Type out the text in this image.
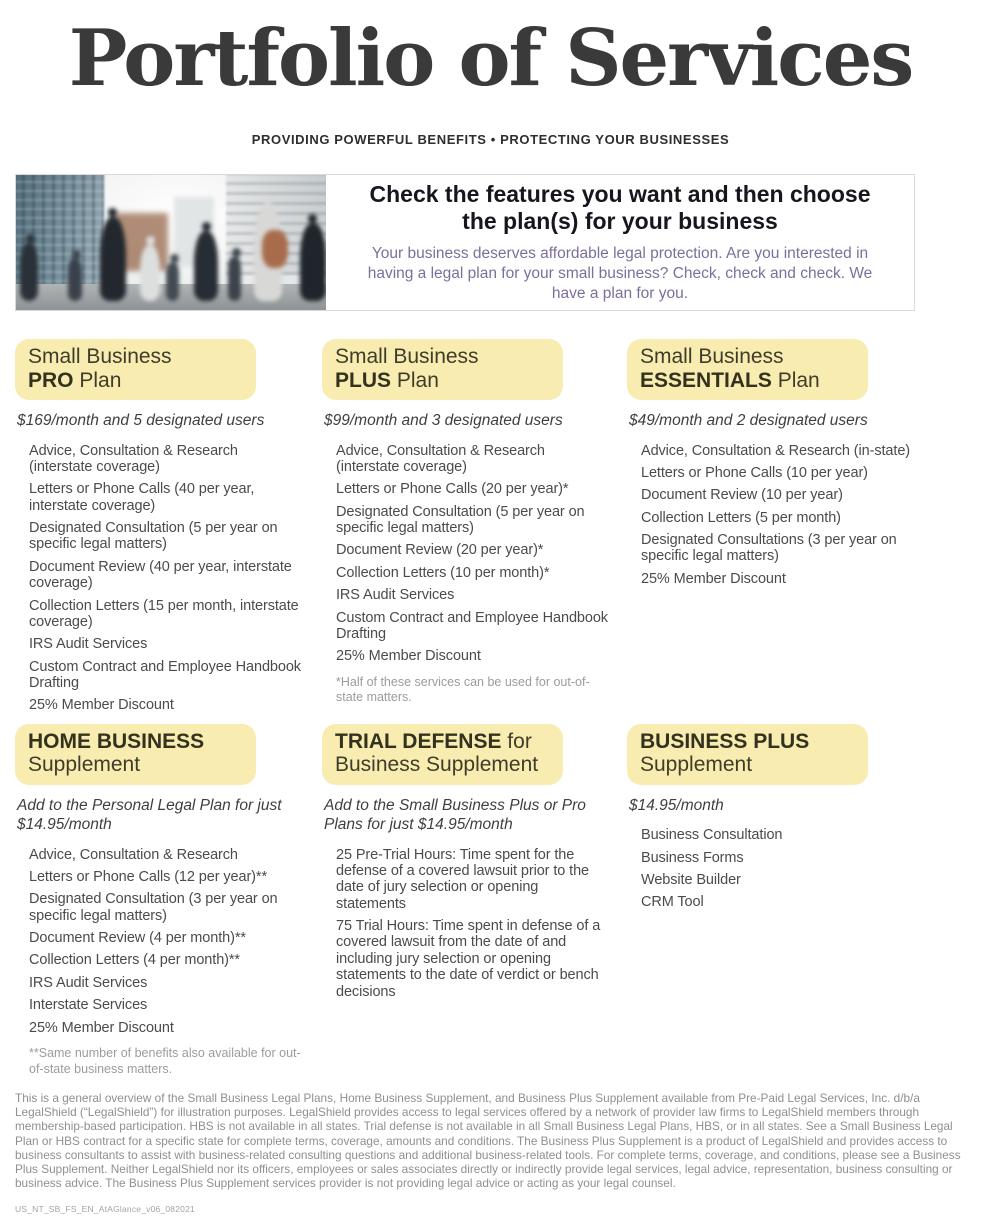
Portfolio of Services
PROVIDING POWERFUL BENEFITS • PROTECTING YOUR BUSINESSES
Check the features you want and then choose the plan(s) for your business
Your business deserves affordable legal protection. Are you interested in having a legal plan for your small business? Check, check and check. We have a plan for you.
Small Business
PRO Plan
$169/month and 5 designated users
Advice, Consultation & Research (interstate coverage)
Letters or Phone Calls (40 per year, interstate coverage)
Designated Consultation (5 per year on specific legal matters)
Document Review (40 per year, interstate coverage)
Collection Letters (15 per month, interstate coverage)
IRS Audit Services
Custom Contract and Employee Handbook Drafting
25% Member Discount
Small Business
PLUS Plan
$99/month and 3 designated users
Advice, Consultation & Research (interstate coverage)
Letters or Phone Calls (20 per year)*
Designated Consultation (5 per year on specific legal matters)
Document Review (20 per year)*
Collection Letters (10 per month)*
IRS Audit Services
Custom Contract and Employee Handbook Drafting
25% Member Discount
*Half of these services can be used for out-of-state matters.
Small Business
ESSENTIALS Plan
$49/month and 2 designated users
Advice, Consultation & Research (in-state)
Letters or Phone Calls (10 per year)
Document Review (10 per year)
Collection Letters (5 per month)
Designated Consultations (3 per year on specific legal matters)
25% Member Discount
HOME BUSINESS
Supplement
Add to the Personal Legal Plan for just $14.95/month
Advice, Consultation & Research
Letters or Phone Calls (12 per year)**
Designated Consultation (3 per year on specific legal matters)
Document Review (4 per month)**
Collection Letters (4 per month)**
IRS Audit Services
Interstate Services
25% Member Discount
**Same number of benefits also available for out-of-state business matters.
TRIAL DEFENSE for
Business Supplement
Add to the Small Business Plus or Pro Plans for just $14.95/month
25 Pre-Trial Hours: Time spent for the defense of a covered lawsuit prior to the date of jury selection or opening statements
75 Trial Hours: Time spent in defense of a covered lawsuit from the date of and including jury selection or opening statements to the date of verdict or bench decisions
BUSINESS PLUS
Supplement
$14.95/month
Business Consultation
Business Forms
Website Builder
CRM Tool
This is a general overview of the Small Business Legal Plans, Home Business Supplement, and Business Plus Supplement available from Pre-Paid Legal Services, Inc. d/b/a LegalShield (“LegalShield”) for illustration purposes. LegalShield provides access to legal services offered by a network of provider law firms to LegalShield members through membership-based participation. HBS is not available in all states. Trial defense is not available in all Small Business Legal Plans, HBS, or in all states. See a Small Business Legal Plan or HBS contract for a specific state for complete terms, coverage, amounts and conditions. The Business Plus Supplement is a product of LegalShield and provides access to business consultants to assist with business-related consulting questions and additional business-related tools. For complete terms, coverage, and conditions, please see a Business Plus Supplement. Neither LegalShield nor its officers, employees or sales associates directly or indirectly provide legal services, legal advice, representation, business consulting or business advice. The Business Plus Supplement services provider is not providing legal advice or acting as your legal counsel.
US_NT_SB_FS_EN_AtAGlance_v06_082021
